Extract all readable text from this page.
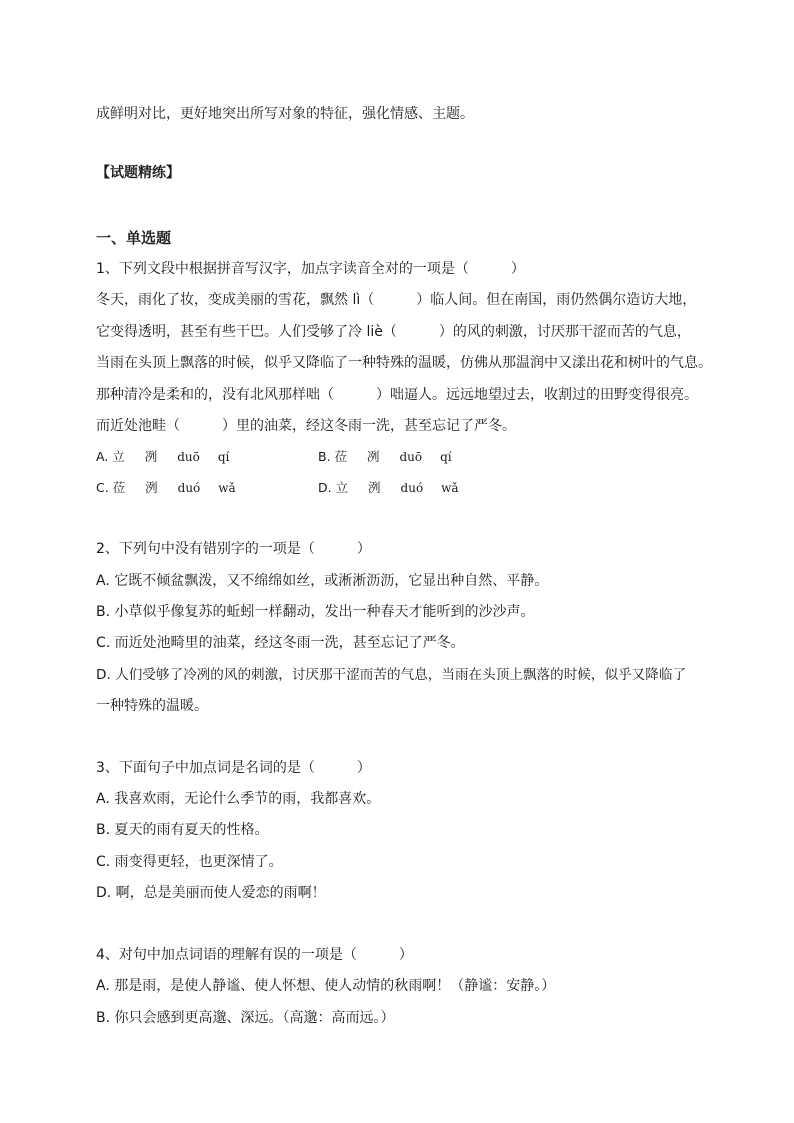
成鲜明对比，更好地突出所写对象的特征，强化情感、主题。
【试题精练】
一、单选题
1、下列文段中根据拼音写汉字，加点字读音全对的一项是（　　　）
冬天，雨化了妆，变成美丽的雪花，飘然 lì（　　　）临人间。但在南国，雨仍然偶尔造访大地，
它变得透明，甚至有些干巴。人们受够了冷 liè（　　　）的风的刺激，讨厌那干涩而苦的气息，
当雨在头顶上飘落的时候，似乎又降临了一种特殊的温暖，仿佛从那温润中又漾出花和树叶的气息。
那种清冷是柔和的，没有北风那样咄（　　　）咄逼人。远远地望过去，收割过的田野变得很亮。
而近处池畦（　　　）里的油菜，经这冬雨一洗，甚至忘记了严冬。
A. 立 冽 duō qí	B. 莅 冽 duō qí
C. 莅 洌 duó wǎ	D. 立 洌 duó wǎ
2、下列句中没有错别字的一项是（　　　）
A. 它既不倾盆飘泼，又不绵绵如丝，或淅淅沥沥，它显出种自然、平静。
B. 小草似乎像复苏的蚯蚓一样翻动，发出一种春天才能听到的沙沙声。
C. 而近处池畸里的油菜，经这冬雨一洗，甚至忘记了严冬。
D. 人们受够了冷冽的风的刺激，讨厌那干涩而苦的气息，当雨在头顶上飘落的时候，似乎又降临了
一种特殊的温暖。
3、下面句子中加点词是名词的是（　　　）
A. 我喜欢雨，无论什么季节的雨，我都喜欢。
B. 夏天的雨有夏天的性格。
C. 雨变得更轻，也更深情了。
D. 啊，总是美丽而使人爱恋的雨啊！
4、对句中加点词语的理解有误的一项是（　　　）
A. 那是雨，是使人静谧、使人怀想、使人动情的秋雨啊！（静谧：安静。）
B. 你只会感到更高邈、深远。（高邈：高而远。）
